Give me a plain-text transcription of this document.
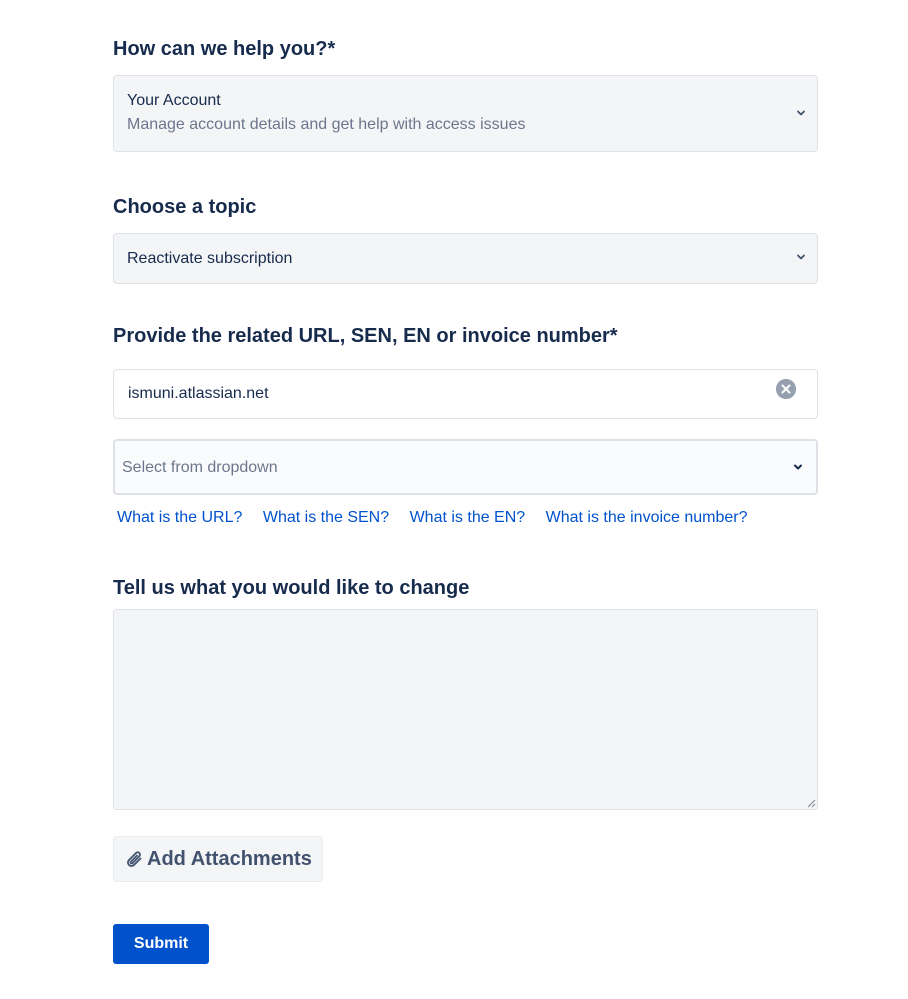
How can we help you?*
Your Account
Manage account details and get help with access issues
Choose a topic
Reactivate subscription
Provide the related URL, SEN, EN or invoice number*
ismuni.atlassian.net
Select from dropdown
What is the URL? What is the SEN? What is the EN? What is the invoice number?
Tell us what you would like to change
Add Attachments
Submit
